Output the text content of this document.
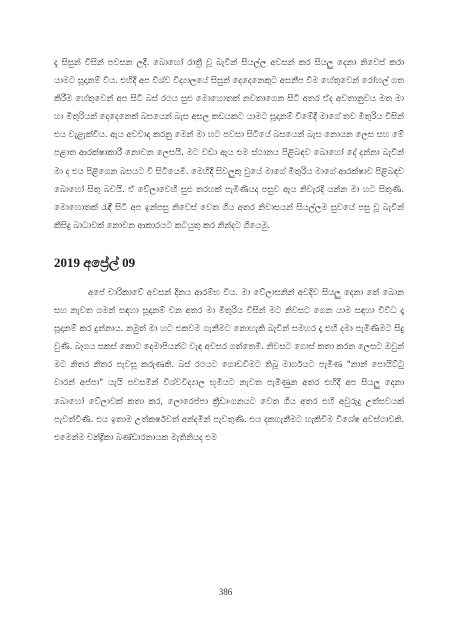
දැ සිසුන් විසින් පවසන ලදී. බොහෝ රාත්‍රී වූ බැවින් සියල්ල අවසන් කර සියලු දෙනා නිවෙස් කරා යාමට සූදානම් විය. එහිදී අප විශ්ව විද්‍යාලයේ සිසුන් දෙදෙනෙකුට අසනීප වීම හේතුවෙන් රෝහල් ගත කිරීම හේතුවෙන් අප සිටි බස් රථය සුළු මොහොතක් නවතාගෙන සිටි අතර ඒද අවතානුවය මත මා හා මිතුරියන් දෙදෙනෙක් බසයෙන් බැස අසල කඩයකට යාමට සූදානම් වීමේදී මාගේ තව මිතුරිය විසින් එය වැළැක්විය. ඇය අවවාද කරනු මෙන් මා හට පවසා සිටියේ බසයෙන් බැස නොයන ලෙස සහ මේ පළාත ආරක්ෂාකාරී නොවන ලෙසයි. මට වඩා ඇය එම ස්ථානය පිළිබඳව බොහෝ දේ දන්නා බැවින් මා ද එය පිළිගෙන බසයට වී සිටියෙමි. මෙහිදී සිවලුකු වුයේ මාගේ මිතුරිය මාගේ ආරක්ෂාව පිළිබඳව බොහෝ සිතු බවයි. ඒ වේලාවෙහි සුළු තරහක් පැමිණියද පසුව ඇය නිවැරදි යන්න මා හට සිතුණි. මොහොතක් රැඳී සිටි අප ඉන්පසු නිවෙස් වෙත ගිය අතර නිවාසයන් සියල්ලම සුවයේ පසු වූ බැවින් කිසිදු බාධාවක් නොවන ආකාරයට කටයුතු කර නින්දට ගියෙමු.

2019 අප්‍රේල් 09

අපේ චාරිකාවේ අවසන් දිනය ආරම්භ විය. මා වේලාසනින් අවදිව සියලු දෙනා තේ බොන සහ නැවත ගමන් සඳහා සූදානම් වන අතර මා මිතුරිය විසින් මට නිවසට ගෙන යාම සඳහා විවිධ දෑ සූදානම් කර දුන්නාය. නමුත් මා හට එකවම ගැනීමට නොහැකි බැවින් සමහර දෑ එහි දමා පැමිණීමට සිදු වුණි. බෑගය සකස් කොට දෙමාපියන්ට වැඳ අවසර ගත්තෙමි. නිවසට ගොස් කතා කරන ලෙසට ඔවුන් මට නිතර නිතර පැවසූ කරුණකි. බස් රථයට ගොඩවීමට තිබූ මාර්ගයට පැමිණ "නාන් පොයිට්ටු වාරන් අප්පා" යැයි පවසමින් විශ්වවිද්‍යාල භූමියට නැවත පැමිණුන අතර එහිදී අප සියලු දෙනා බොහෝ වේලාවක් කතා කර, ලොරෙප්පා ක්‍රීඩාංගනයට වෙත ගිය අතර එහි අවුරුදු උත්සවයක් පැවත්විණි. එය ඉතාම උත්කර්ෂවත් අන්දමින් පැවතුණි. එය දකගැනීමට හැකිවීම විශේෂ අවස්ථාවකි. එමෙන්ම චන්ද්‍රිකා බණ්ඩාරනායක මැතිනියද එම

386
